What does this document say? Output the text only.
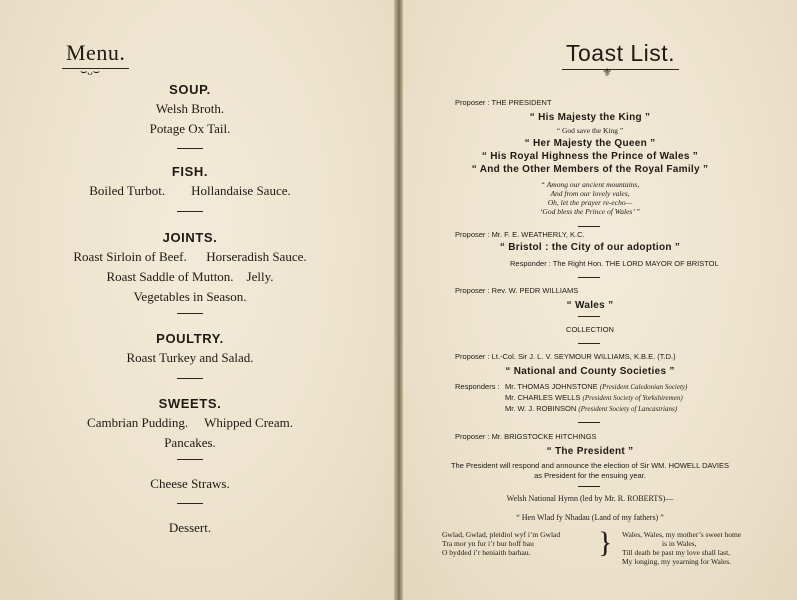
Menu.
⌣ᴗ⌣
SOUP.
Welsh Broth.
Potage Ox Tail.
FISH.
Boiled Turbot.        Hollandaise Sauce.
JOINTS.
Roast Sirloin of Beef.      Horseradish Sauce.
Roast Saddle of Mutton.    Jelly.
Vegetables in Season.
POULTRY.
Roast Turkey and Salad.
SWEETS.
Cambrian Pudding.     Whipped Cream.
Pancakes.
Cheese Straws.
Dessert.
Toast List.
⚜
Proposer : THE PRESIDENT
“ His Majesty the King ”
“ God save the King ”
“ Her Majesty the Queen ”
“ His Royal Highness the Prince of Wales ”
“ And the Other Members of the Royal Family ”
“ Among our ancient mountains,
And from our lovely vales,
Oh, let the prayer re-echo—
‘God bless the Prince of Wales’ ”
Proposer : Mr. F. E. WEATHERLY, K.C.
“ Bristol : the City of our adoption ”
Responder : The Right Hon. THE LORD MAYOR OF BRISTOL
Proposer : Rev. W. PEDR WILLIAMS
“ Wales ”
COLLECTION
Proposer : Lt.-Col. Sir J. L. V. SEYMOUR WILLIAMS, K.B.E. (T.D.)
“ National and County Societies ”
Responders : Mr. THOMAS JOHNSTONE (President Caledonian Society)
Mr. CHARLES WELLS (President Society of Yorkshiremen)
Mr. W. J. ROBINSON (President Society of Lancastrians)
Proposer : Mr. BRIGSTOCKE HITCHINGS
“ The President ”
The President will respond and announce the election of Sir WM. HOWELL DAVIES
as President for the ensuing year.
Welsh National Hymn (led by Mr. R. ROBERTS)—
“ Hen Wlad fy Nhadau (Land of my fathers) ”
Gwlad, Gwlad, pleidiol wyf i’m Gwlad
Tra mor yn fur i’r bur hoff bau
O bydded i’r heniaith barhau.	} Wales, Wales, my mother’s sweet home
is in Wales,
Till death be past my love shall last,
My longing, my yearning for Wales.
